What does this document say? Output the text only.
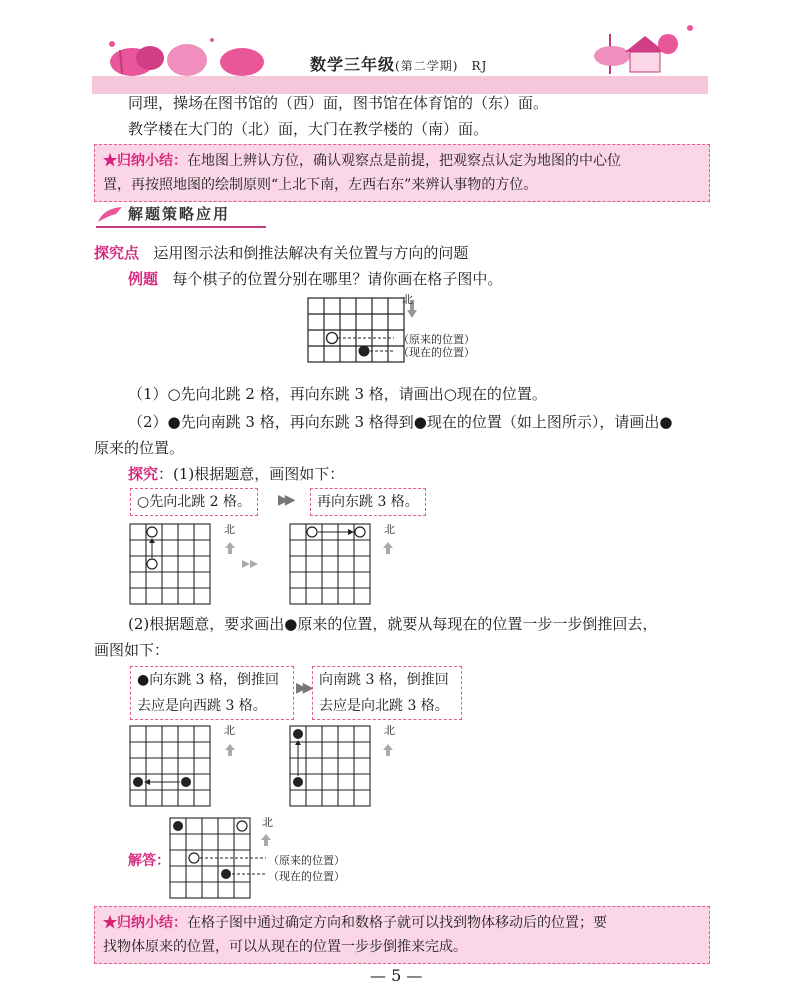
数学三年级(第二学期) RJ
同理，操场在图书馆的（西）面，图书馆在体育馆的（东）面。
教学楼在大门的（北）面，大门在教学楼的（南）面。
★归纳小结：在地图上辨认方位，确认观察点是前提，把观察点认定为地图的中心位
置，再按照地图的绘制原则“上北下南，左西右东”来辨认事物的方位。
解题策略应用
探究点 运用图示法和倒推法解决有关位置与方向的问题
例题 每个棋子的位置分别在哪里？请你画在格子图中。
北
（原来的位置）
（现在的位置）
（1）○先向北跳 2 格，再向东跳 3 格，请画出○现在的位置。
（2）●先向南跳 3 格，再向东跳 3 格得到●现在的位置（如上图所示），请画出●
原来的位置。
探究：(1)根据题意，画图如下：
○先向北跳 2 格。	▶▶	再向东跳 3 格。
北	北
(2)根据题意，要求画出●原来的位置，就要从每现在的位置一步一步倒推回去，
画图如下：
●向东跳 3 格，倒推回
去应是向西跳 3 格。
▶▶ 向南跳 3 格，倒推回
去应是向北跳 3 格。
北	北
解答：
北
（原来的位置）
（现在的位置）
★归纳小结：在格子图中通过确定方向和数格子就可以找到物体移动后的位置；要
找物体原来的位置，可以从现在的位置一步步倒推来完成。
— 5 —
